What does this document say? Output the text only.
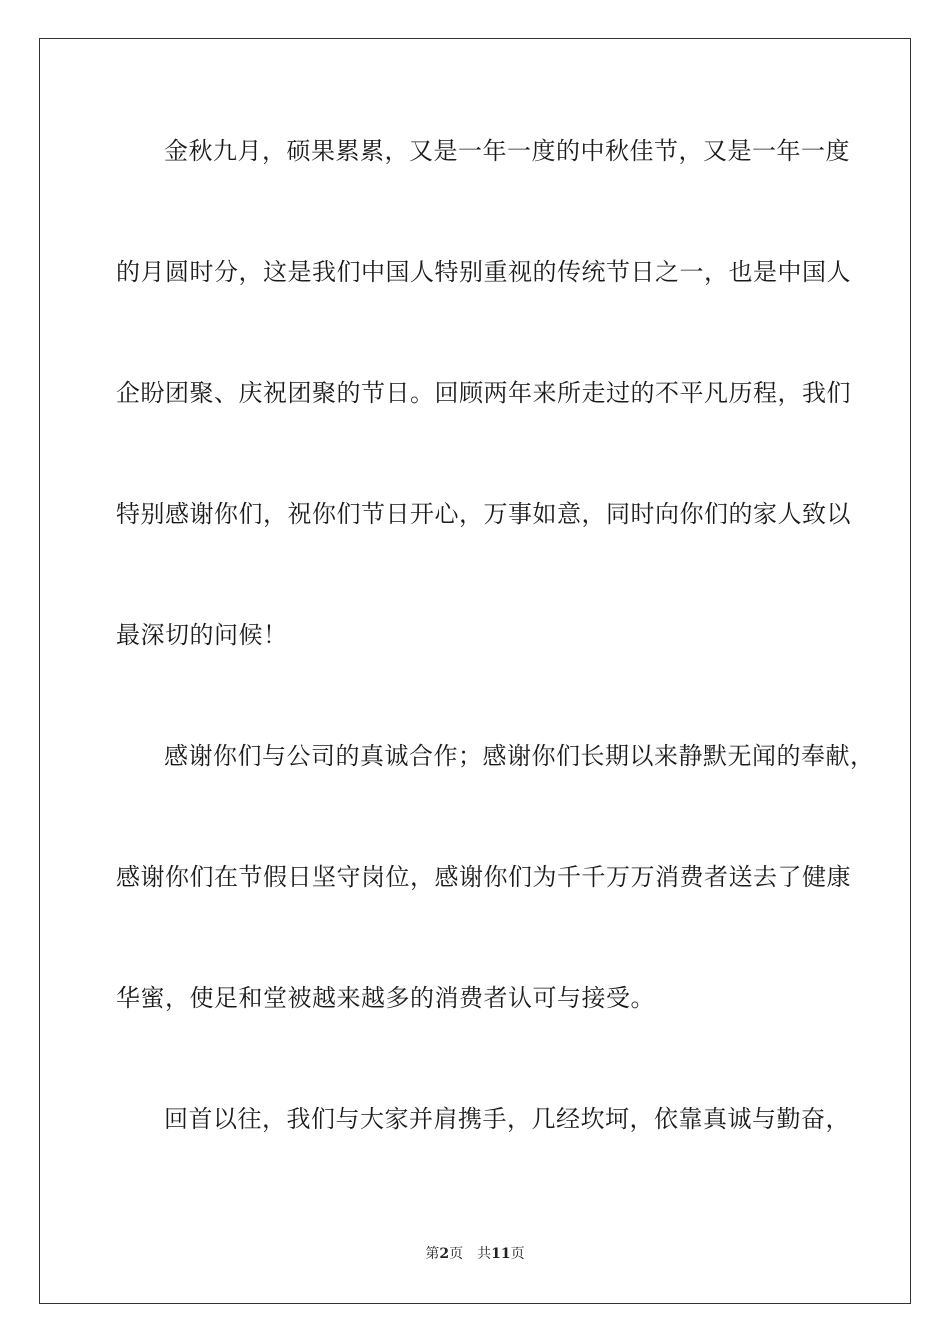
金秋九月，硕果累累，又是一年一度的中秋佳节，又是一年一度
的月圆时分，这是我们中国人特别重视的传统节日之一，也是中国人
企盼团聚、庆祝团聚的节日。回顾两年来所走过的不平凡历程，我们
特别感谢你们，祝你们节日开心，万事如意，同时向你们的家人致以
最深切的问候！
感谢你们与公司的真诚合作；感谢你们长期以来静默无闻的奉献，
感谢你们在节假日坚守岗位，感谢你们为千千万万消费者送去了健康
华蜜，使足和堂被越来越多的消费者认可与接受。
回首以往，我们与大家并肩携手，几经坎坷，依靠真诚与勤奋，
第2页 共11页
